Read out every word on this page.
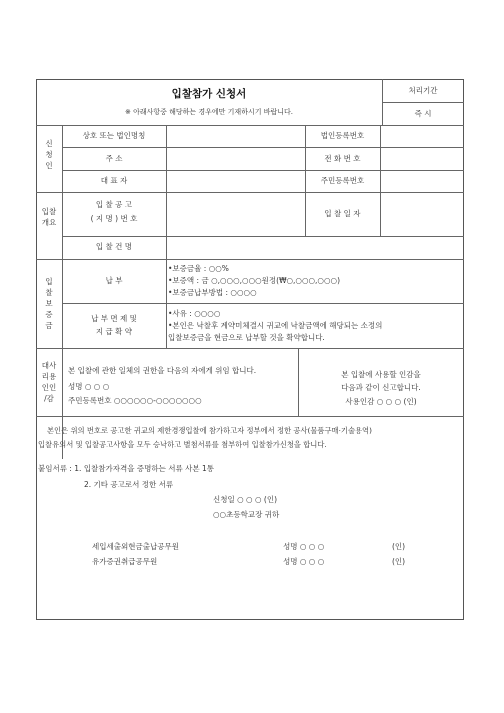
입찰참가 신청서
※ 아래사항중 해당하는 경우에만 기재하시기 바랍니다.
처리기간
즉 시
신
청
인
상호 또는 법인명칭	법인등록번호
주 소	전 화 번 호
대 표 자	주민등록번호
입찰
개요
입 찰 공 고
( 지 명 ) 번 호
입 찰 일 자
입 찰 건 명
입
찰
보
증
금
납 부
•보증금율 : ○○%
•보증액 : 금 ○,○○○,○○○원정(₩○,○○○,○○○)
•보증금납부방법 : ○○○○
납 부 면 제 및
지 급 확 약
•사유 : ○○○○
•본인은 낙찰후 계약미체결시 귀교에 낙찰금액에 해당되는 소정의
입찰보증금을 현금으로 납부할 것을 확약합니다.
대사
리용
인인
/감
본 입찰에 관한 일체의 권한을 다음의 자에게 위임 합니다.
성명 ○ ○ ○
주민등록번호 ○○○○○○-○○○○○○○
본 입찰에 사용할 인감을
다음과 같이 신고합니다.
사용인감 ○ ○ ○ (인)
본인은 위의 번호로 공고한 귀교의 제한경쟁입찰에 참가하고자 정부에서 정한 공사(물품구매·기술용역)
입찰유의서 및 입찰공고사항을 모두 승낙하고 별첨서류를 첨부하여 입찰참가신청을 합니다.
붙임서류 : 1. 입찰참가자격을 증명하는 서류 사본 1통
2. 기타 공고로서 정한 서류
신청일 ○ ○ ○ (인)
○○초등학교장 귀하
세입세출외현금출납공무원	성명 ○ ○ ○	(인)
유가증권취급공무원	성명 ○ ○ ○	(인)
